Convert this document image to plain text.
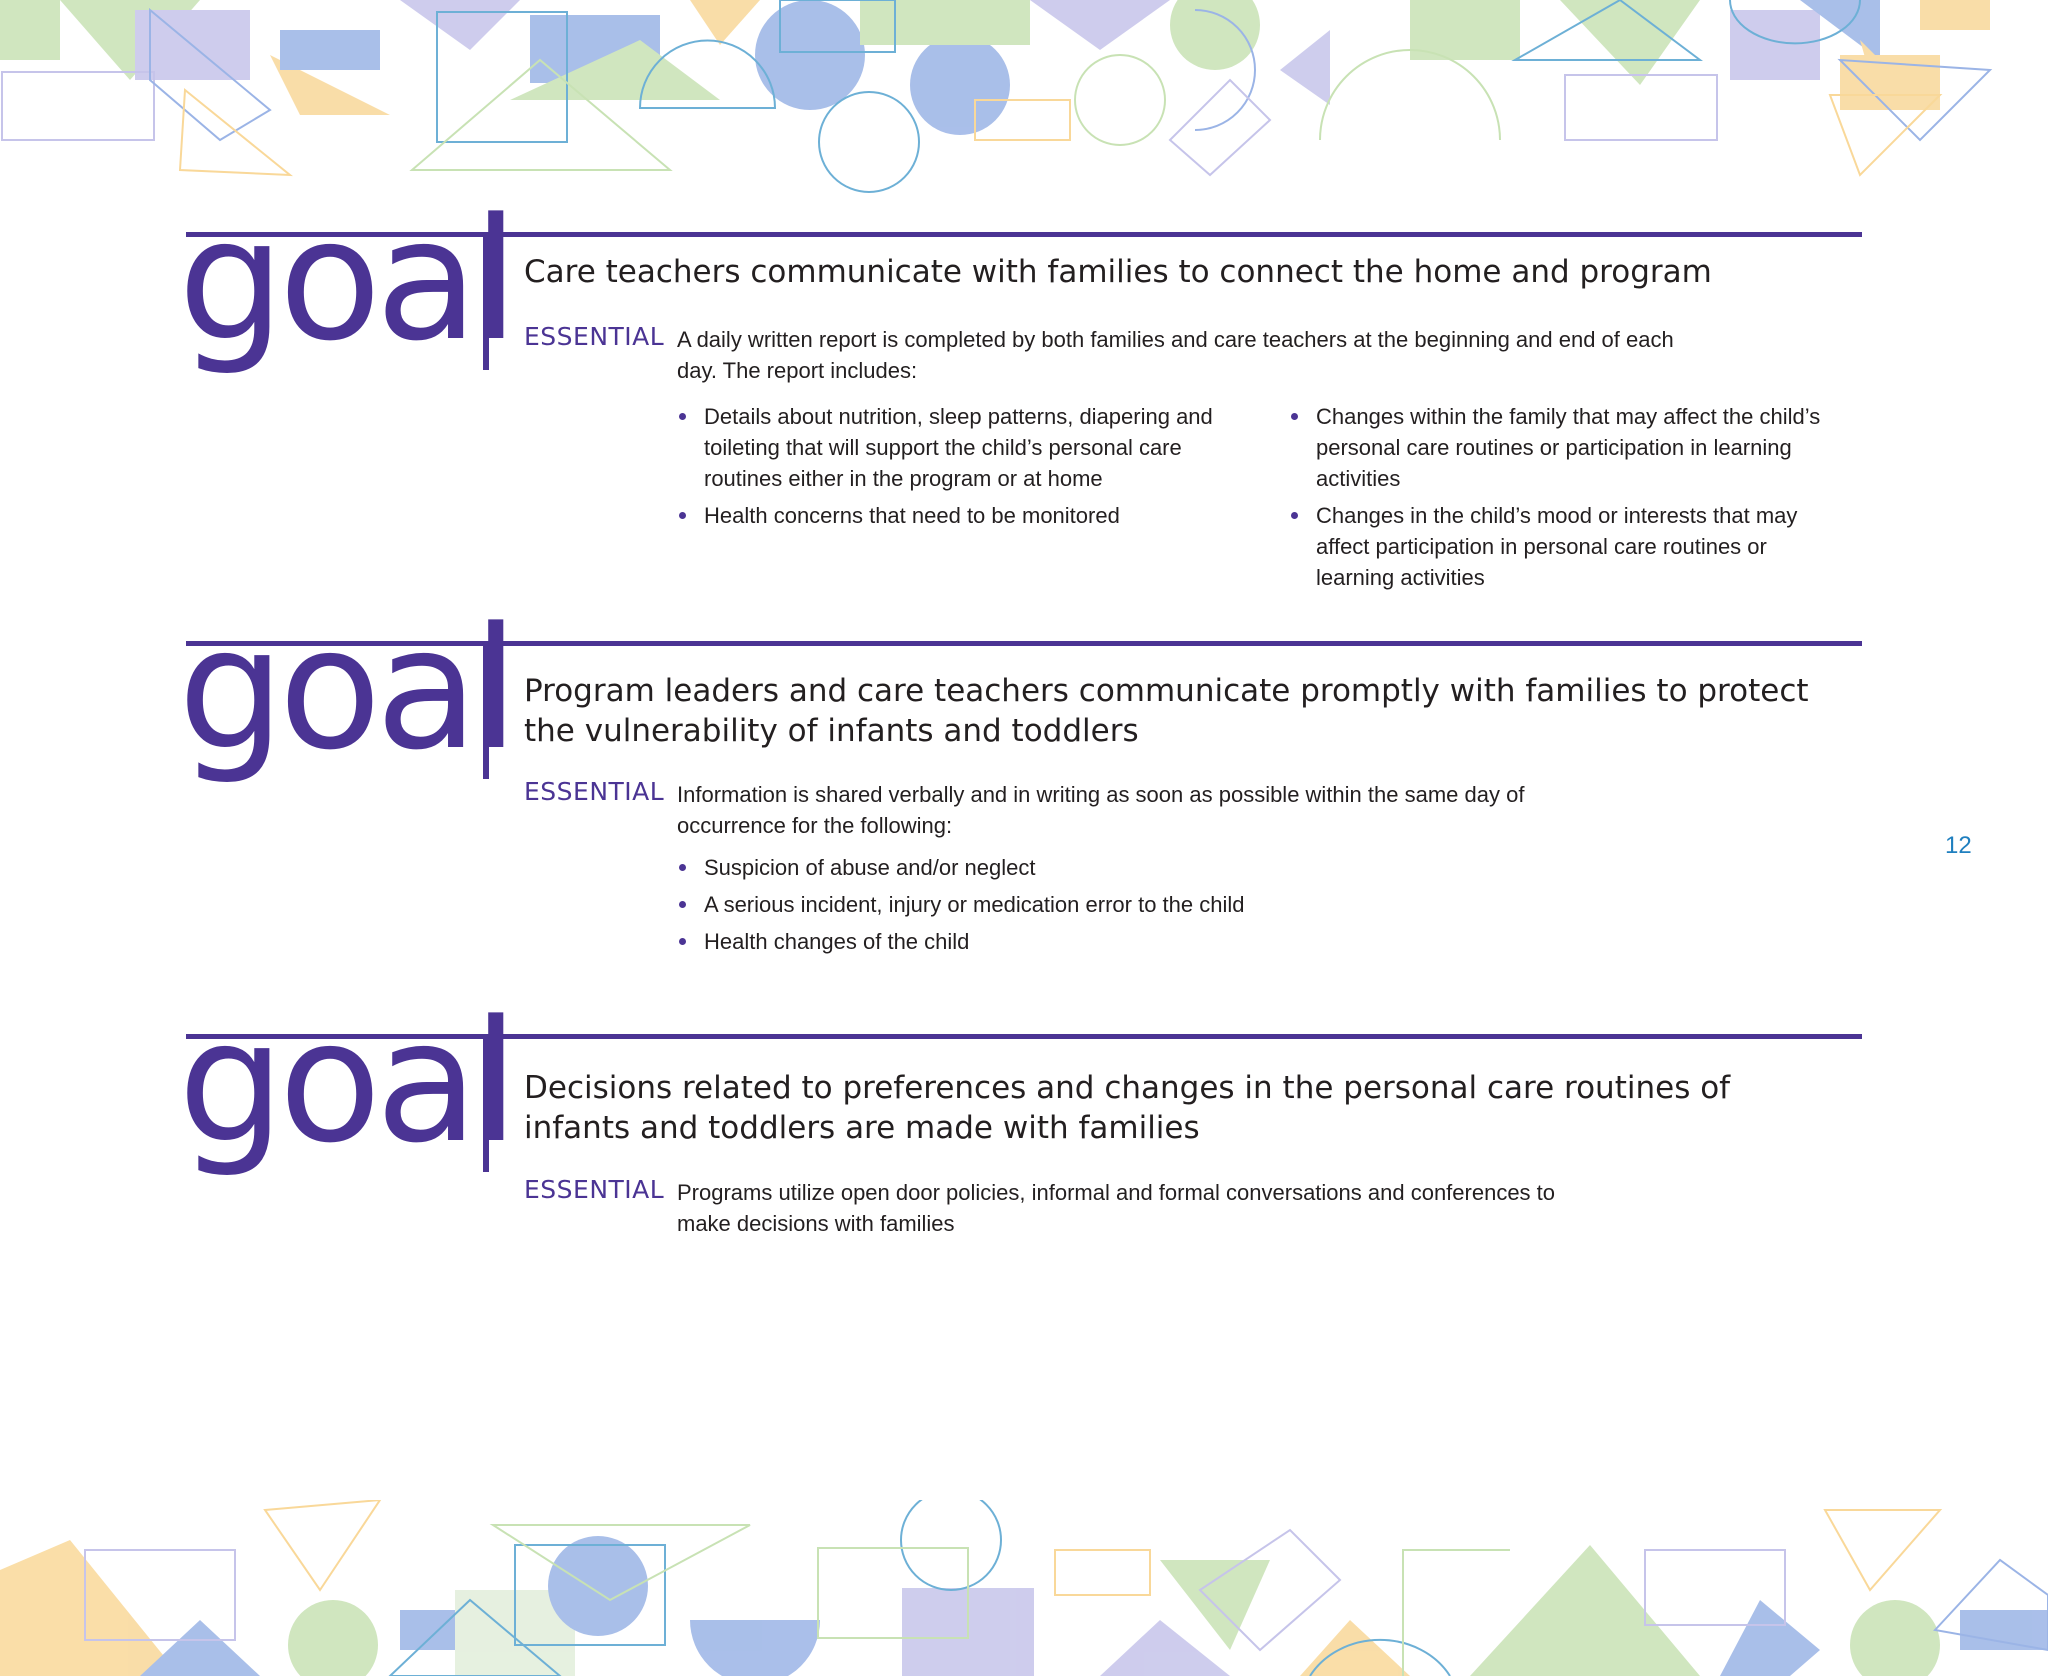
goal Care teachers communicate with families to connect the home and program
ESSENTIAL A daily written report is completed by both families and care teachers at the beginning and end of each day. The report includes:

Details about nutrition, sleep patterns, diapering and toileting that will support the child’s personal care routines either in the program or at home
Health concerns that need to be monitored
Changes within the family that may affect the child’s personal care routines or participation in learning activities
Changes in the child’s mood or interests that may affect participation in personal care routines or learning activities
goal Program leaders and care teachers communicate promptly with families to protect the vulnerability of infants and toddlers
ESSENTIAL Information is shared verbally and in writing as soon as possible within the same day of occurrence for the following:

Suspicion of abuse and/or neglect
A serious incident, injury or medication error to the child
Health changes of the child
goal Decisions related to preferences and changes in the personal care routines of infants and toddlers are made with families
ESSENTIAL Programs utilize open door policies, informal and formal conversations and conferences to make decisions with families

12
